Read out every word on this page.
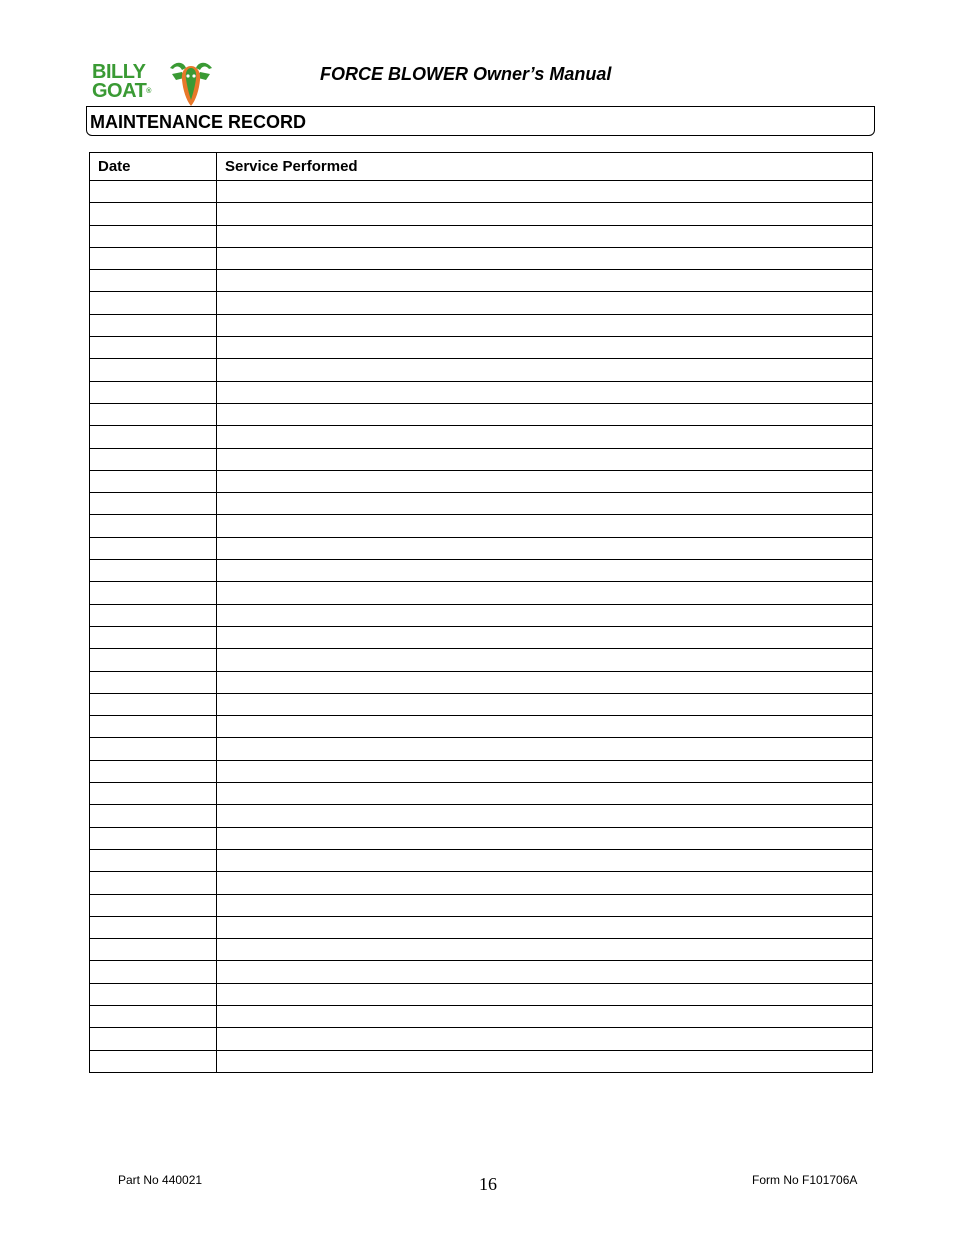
BILLY
GOAT®
FORCE BLOWER Owner’s Manual
MAINTENANCE RECORD
Date	Service Performed

Part No 440021	16	Form No F101706A
